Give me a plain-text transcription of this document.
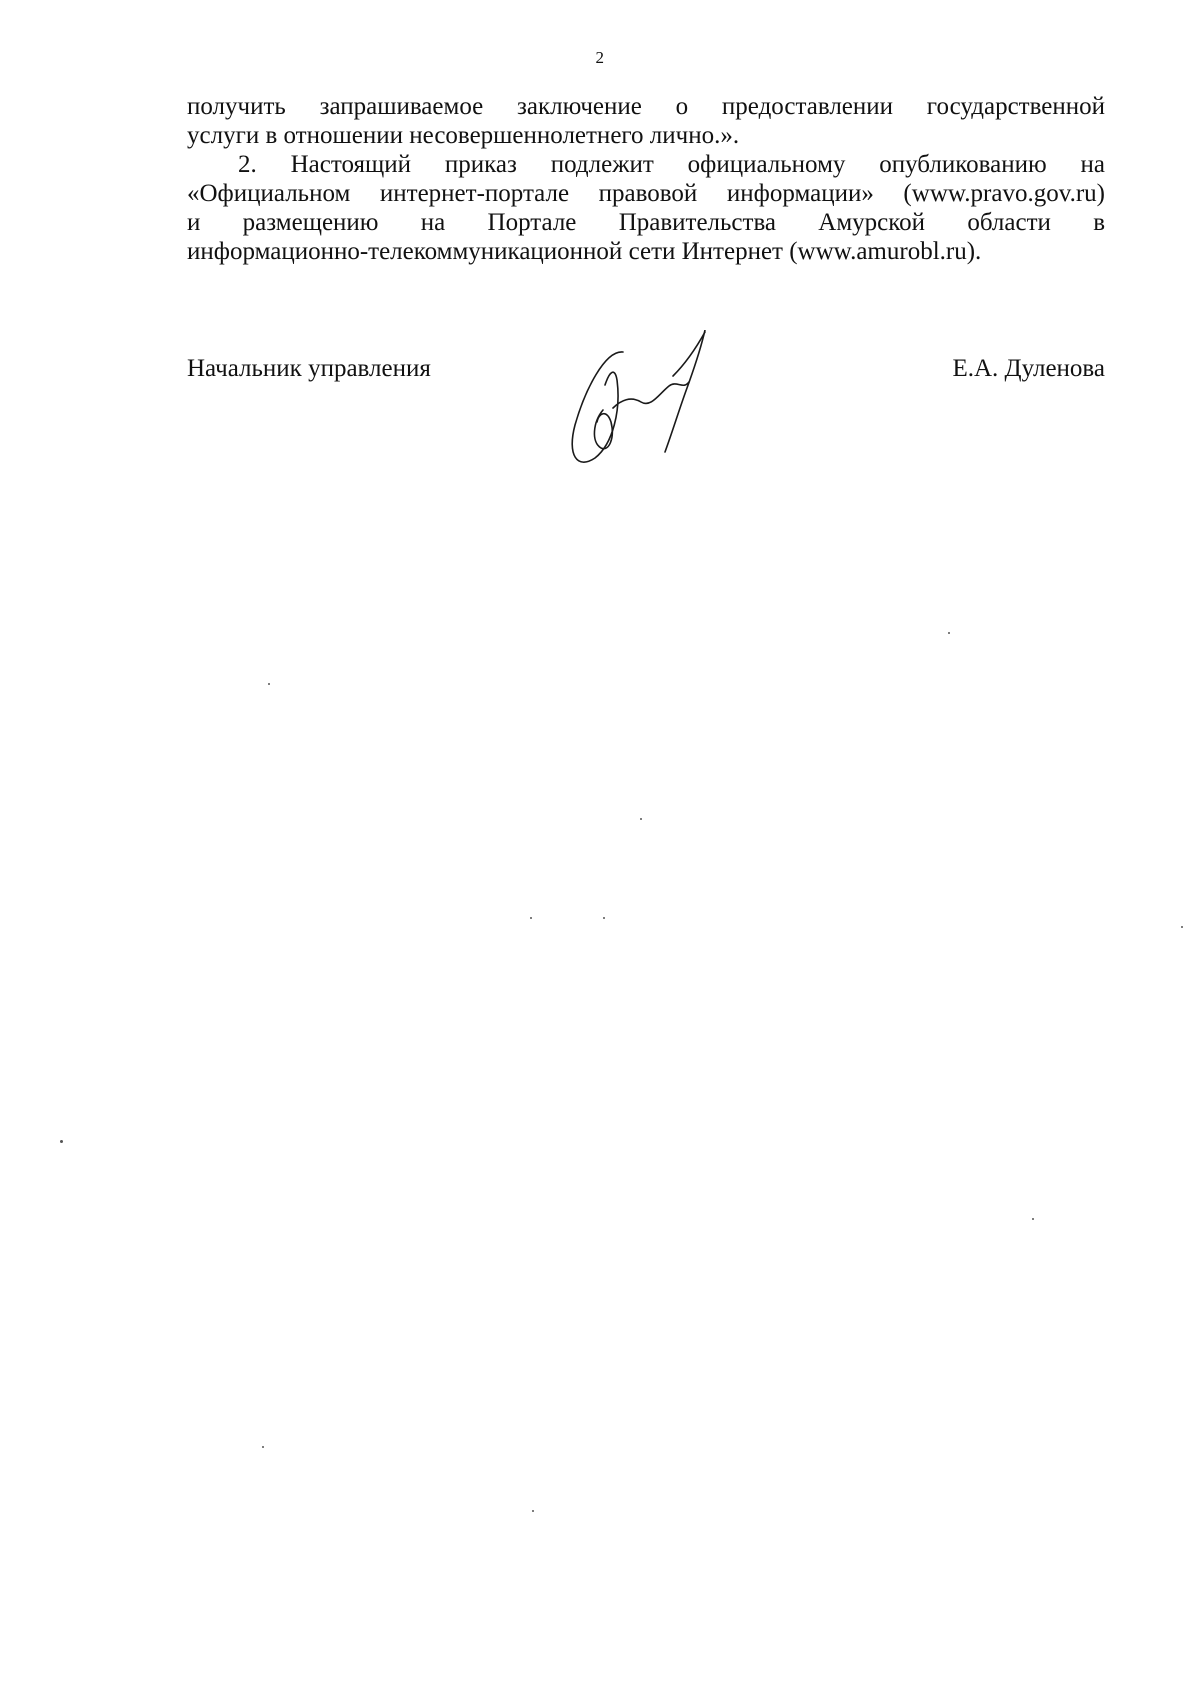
2

получить запрашиваемое заключение о предоставлении государственной
услуги в отношении несовершеннолетнего лично.».

2. Настоящий приказ подлежит официальному опубликованию на
«Официальном интернет-портале правовой информации» (www.pravo.gov.ru)
и размещению на Портале Правительства Амурской области в
информационно-телекоммуникационной сети Интернет (www.amurobl.ru).

Начальник управления	Е.А. Дуленова
